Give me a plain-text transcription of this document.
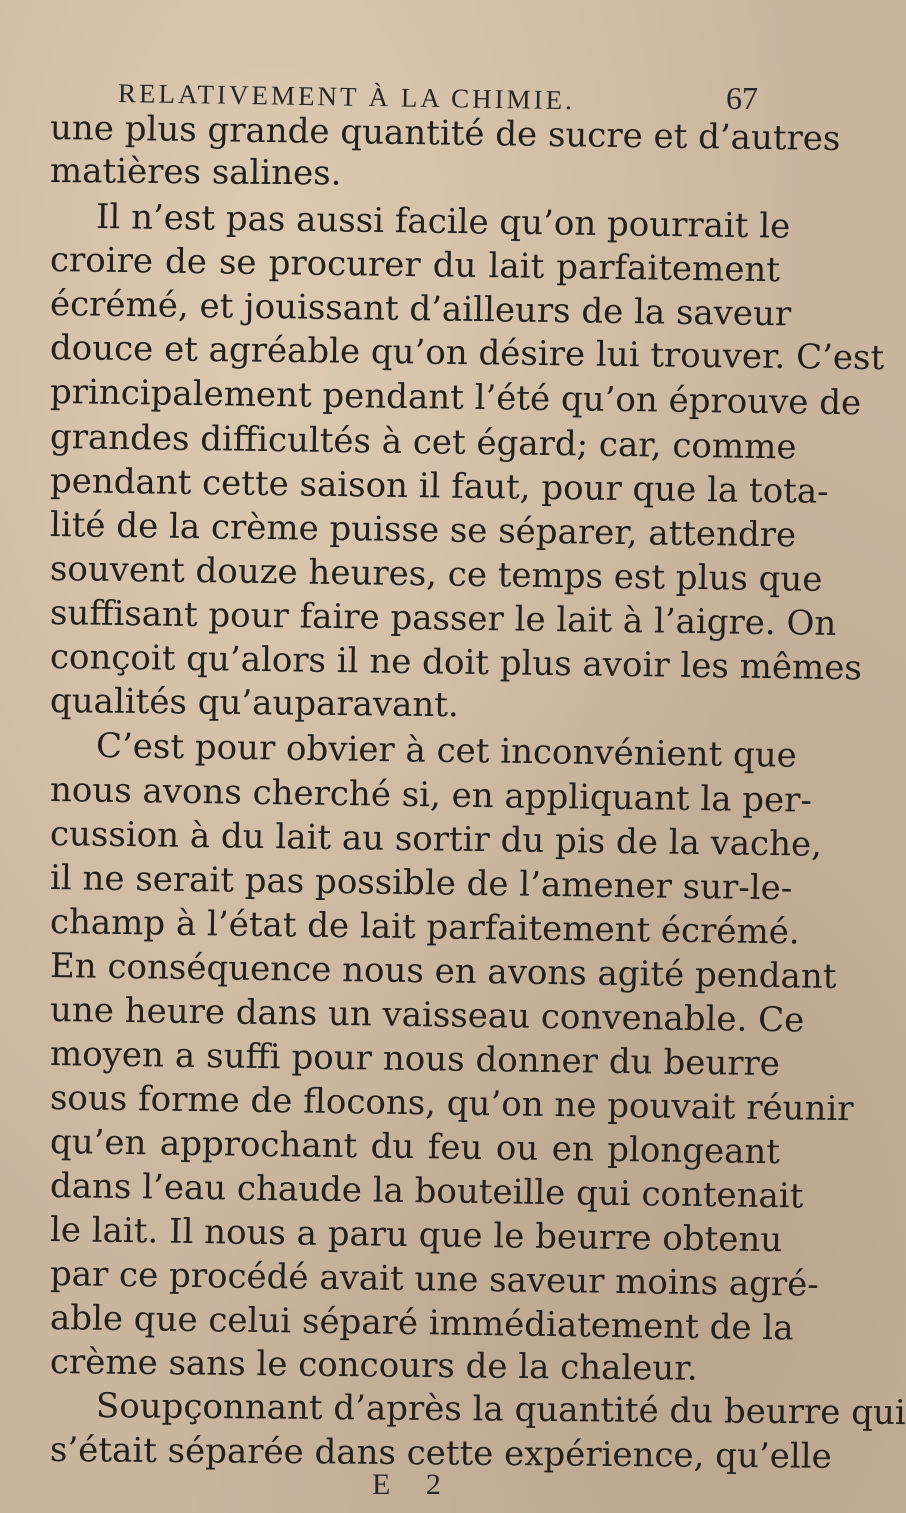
RELATIVEMENT À LA CHIMIE.	67
une plus grande quantité de sucre et d’autres
matières salines.
Il n’est pas aussi facile qu’on pourrait le
croire de se procurer du lait parfaitement
écrémé, et jouissant d’ailleurs de la saveur
douce et agréable qu’on désire lui trouver. C’est
principalement pendant l’été qu’on éprouve de
grandes difficultés à cet égard; car, comme
pendant cette saison il faut, pour que la tota-
lité de la crème puisse se séparer, attendre
souvent douze heures, ce temps est plus que
suffisant pour faire passer le lait à l’aigre. On
conçoit qu’alors il ne doit plus avoir les mêmes
qualités qu’auparavant.
C’est pour obvier à cet inconvénient que
nous avons cherché si, en appliquant la per-
cussion à du lait au sortir du pis de la vache,
il ne serait pas possible de l’amener sur-le-
champ à l’état de lait parfaitement écrémé.
En conséquence nous en avons agité pendant
une heure dans un vaisseau convenable. Ce
moyen a suffi pour nous donner du beurre
sous forme de flocons, qu’on ne pouvait réunir
qu’en approchant du feu ou en plongeant
dans l’eau chaude la bouteille qui contenait
le lait. Il nous a paru que le beurre obtenu
par ce procédé avait une saveur moins agré-
able que celui séparé immédiatement de la
crème sans le concours de la chaleur.
Soupçonnant d’après la quantité du beurre qui
s’était séparée dans cette expérience, qu’elle
E 2
